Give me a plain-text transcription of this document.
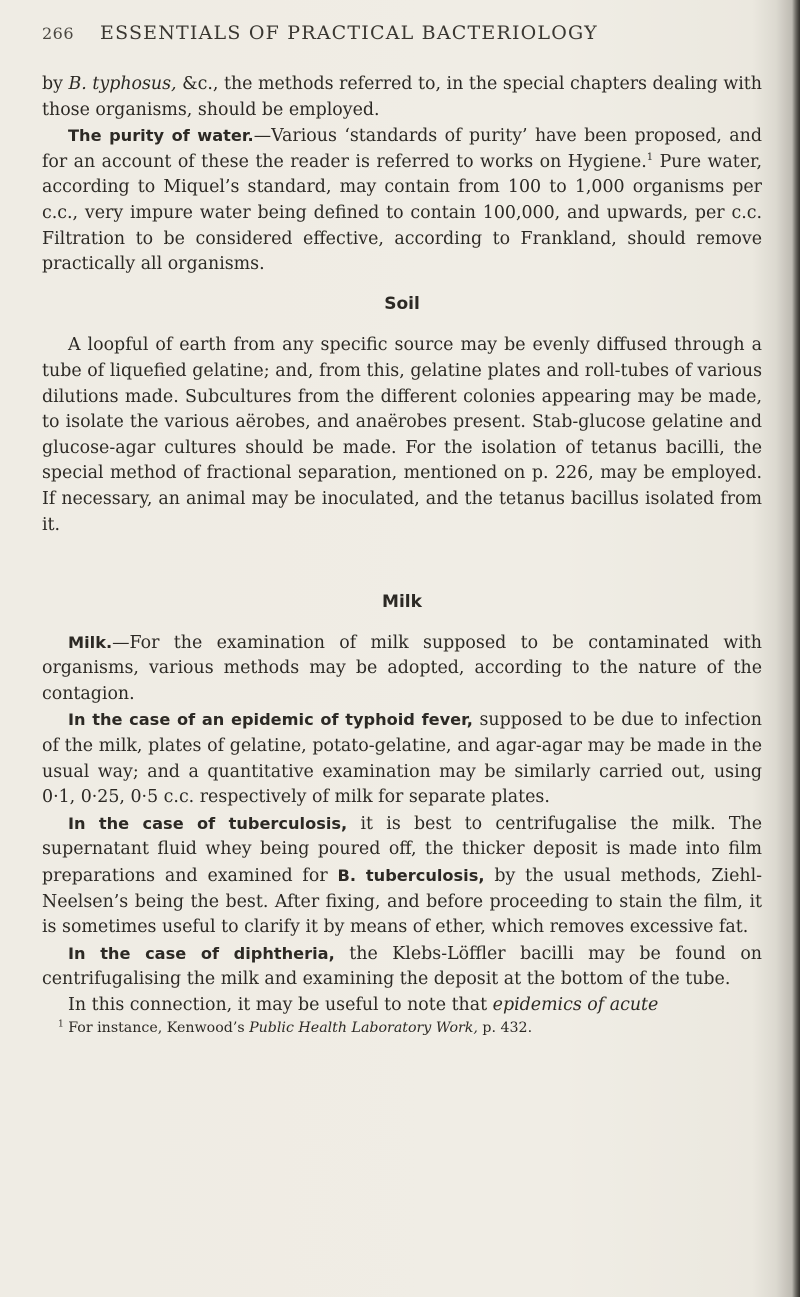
266 ESSENTIALS OF PRACTICAL BACTERIOLOGY

by B. typhosus, &c., the methods referred to, in the special chapters dealing with those organisms, should be employed.

The purity of water.—Various ‘standards of purity’ have been proposed, and for an account of these the reader is referred to works on Hygiene.$^1$ Pure water, according to Miquel’s standard, may contain from 100 to 1,000 organisms per c.c., very impure water being defined to contain 100,000, and upwards, per c.c. Filtration to be considered effective, according to Frankland, should remove practically all organisms.

Soil

A loopful of earth from any specific source may be evenly diffused through a tube of liquefied gelatine; and, from this, gelatine plates and roll-tubes of various dilutions made. Subcultures from the different colonies appearing may be made, to isolate the various aërobes, and anaërobes present. Stab-glucose gelatine and glucose-agar cultures should be made. For the isolation of tetanus bacilli, the special method of fractional separation, mentioned on p. 226, may be employed. If necessary, an animal may be inoculated, and the tetanus bacillus isolated from it.

Milk

Milk.—For the examination of milk supposed to be contaminated with organisms, various methods may be adopted, according to the nature of the contagion.

In the case of an epidemic of typhoid fever, supposed to be due to infection of the milk, plates of gelatine, potato-gelatine, and agar-agar may be made in the usual way; and a quantitative examination may be similarly carried out, using 0·1, 0·25, 0·5 c.c. respectively of milk for separate plates.

In the case of tuberculosis, it is best to centrifugalise the milk. The supernatant fluid whey being poured off, the thicker deposit is made into film preparations and examined for B. tuberculosis, by the usual methods, Ziehl-Neelsen’s being the best. After fixing, and before proceeding to stain the film, it is sometimes useful to clarify it by means of ether, which removes excessive fat.

In the case of diphtheria, the Klebs-Löffler bacilli may be found on centrifugalising the milk and examining the deposit at the bottom of the tube.

In this connection, it may be useful to note that epidemics of acute

$^1$ For instance, Kenwood’s Public Health Laboratory Work, p. 432.
